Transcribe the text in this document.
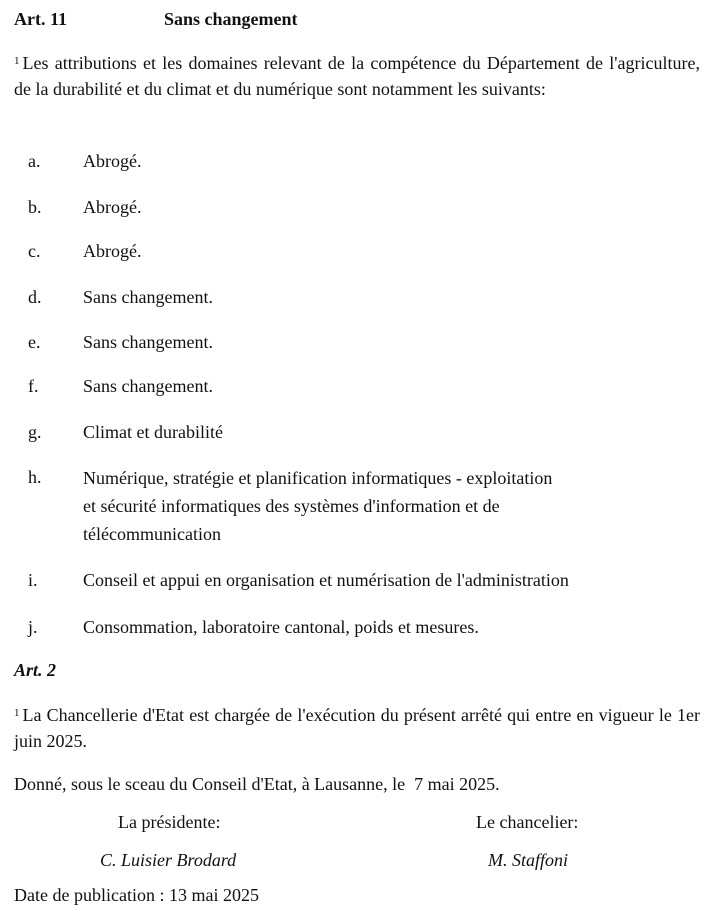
Art. 11	Sans changement
$^1$ Les attributions et les domaines relevant de la compétence du Département de l'agriculture, de la durabilité et du climat et du numérique sont notamment les suivants:
a. Abrogé.
b. Abrogé.
c. Abrogé.
d. Sans changement.
e. Sans changement.
f. Sans changement.
g. Climat et durabilité
h. Numérique, stratégie et planification informatiques - exploitation
et sécurité informatiques des systèmes d'information et de
télécommunication
i.	Conseil et appui en organisation et numérisation de l'administration
j.	Consommation, laboratoire cantonal, poids et mesures.
Art. 2
$^1$ La Chancellerie d'Etat est chargée de l'exécution du présent arrêté qui entre en vigueur le 1er juin 2025.
Donné, sous le sceau du Conseil d'Etat, à Lausanne, le  7 mai 2025.
La présidente:	Le chancelier:
C. Luisier Brodard	M. Staffoni
Date de publication : 13 mai 2025
